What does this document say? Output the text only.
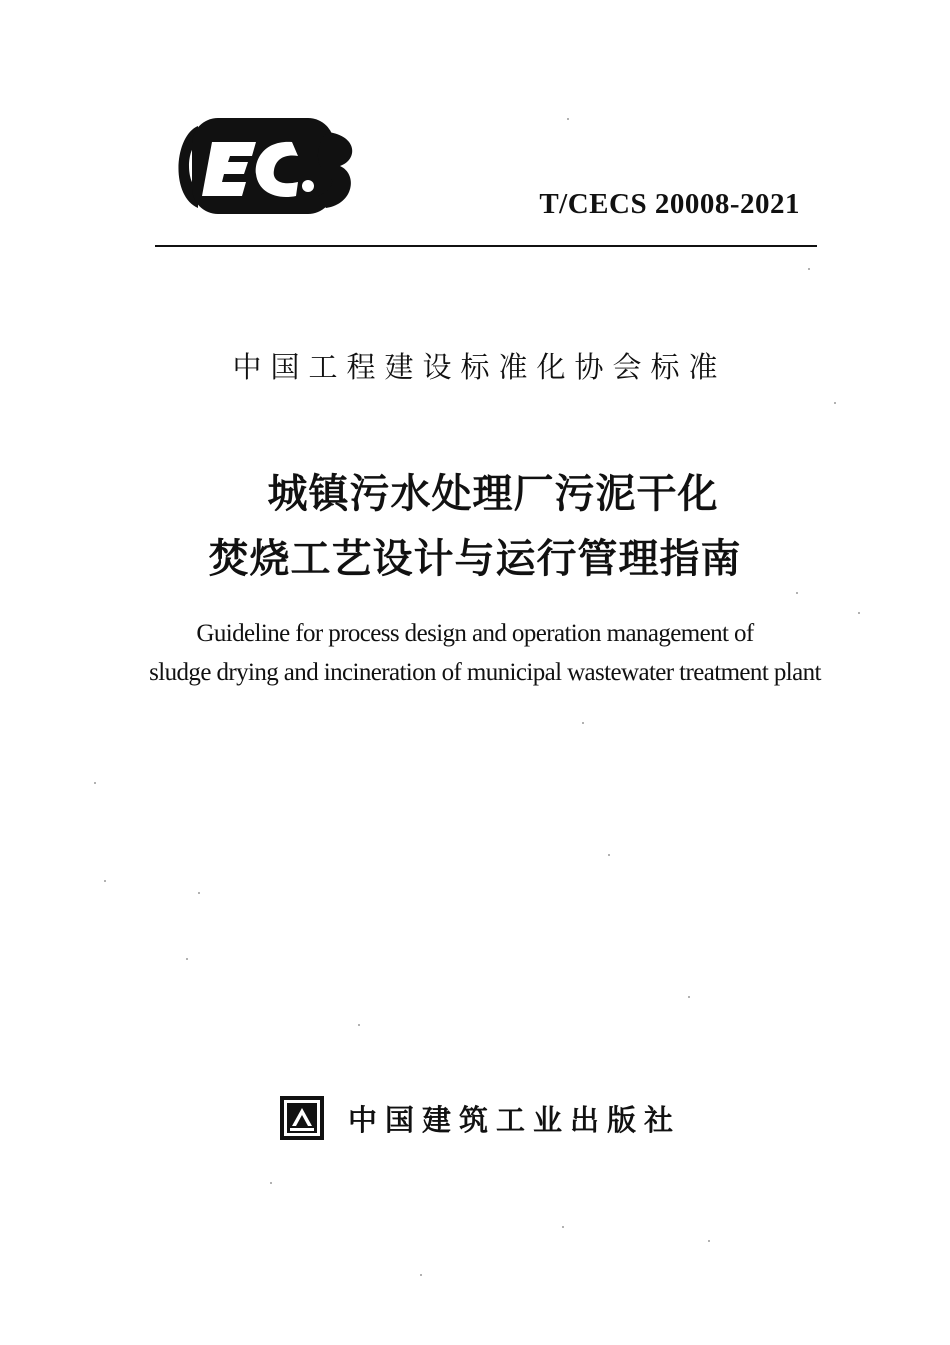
T/CECS 20008-2021
中国工程建设标准化协会标准
城镇污水处理厂污泥干化
焚烧工艺设计与运行管理指南
Guideline for process design and operation management of
sludge drying and incineration of municipal wastewater treatment plant
中国建筑工业出版社
